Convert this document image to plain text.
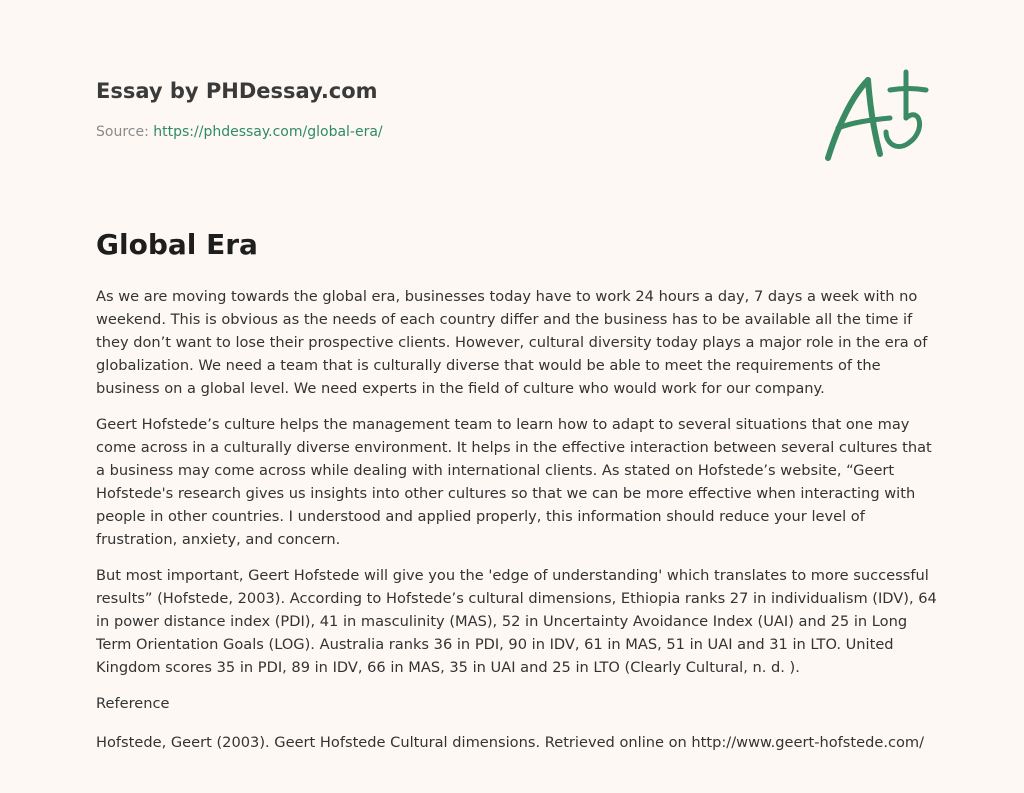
Essay by PHDessay.com
Source: https://phdessay.com/global-era/
Global Era

As we are moving towards the global era, businesses today have to work 24 hours a day, 7 days a week with no weekend. This is obvious as the needs of each country differ and the business has to be available all the time if they don’t want to lose their prospective clients. However, cultural diversity today plays a major role in the era of globalization. We need a team that is culturally diverse that would be able to meet the requirements of the business on a global level. We need experts in the field of culture who would work for our company.

Geert Hofstede’s culture helps the management team to learn how to adapt to several situations that one may come across in a culturally diverse environment. It helps in the effective interaction between several cultures that a business may come across while dealing with international clients. As stated on Hofstede’s website, “Geert Hofstede's research gives us insights into other cultures so that we can be more effective when interacting with people in other countries. I understood and applied properly, this information should reduce your level of frustration, anxiety, and concern.

But most important, Geert Hofstede will give you the 'edge of understanding' which translates to more successful results” (Hofstede, 2003). According to Hofstede’s cultural dimensions, Ethiopia ranks 27 in individualism (IDV), 64 in power distance index (PDI), 41 in masculinity (MAS), 52 in Uncertainty Avoidance Index (UAI) and 25 in Long Term Orientation Goals (LOG). Australia ranks 36 in PDI, 90 in IDV, 61 in MAS, 51 in UAI and 31 in LTO. United Kingdom scores 35 in PDI, 89 in IDV, 66 in MAS, 35 in UAI and 25 in LTO (Clearly Cultural, n. d. ).

Reference

Hofstede, Geert (2003). Geert Hofstede Cultural dimensions. Retrieved online on http://www.geert-hofstede.com/
